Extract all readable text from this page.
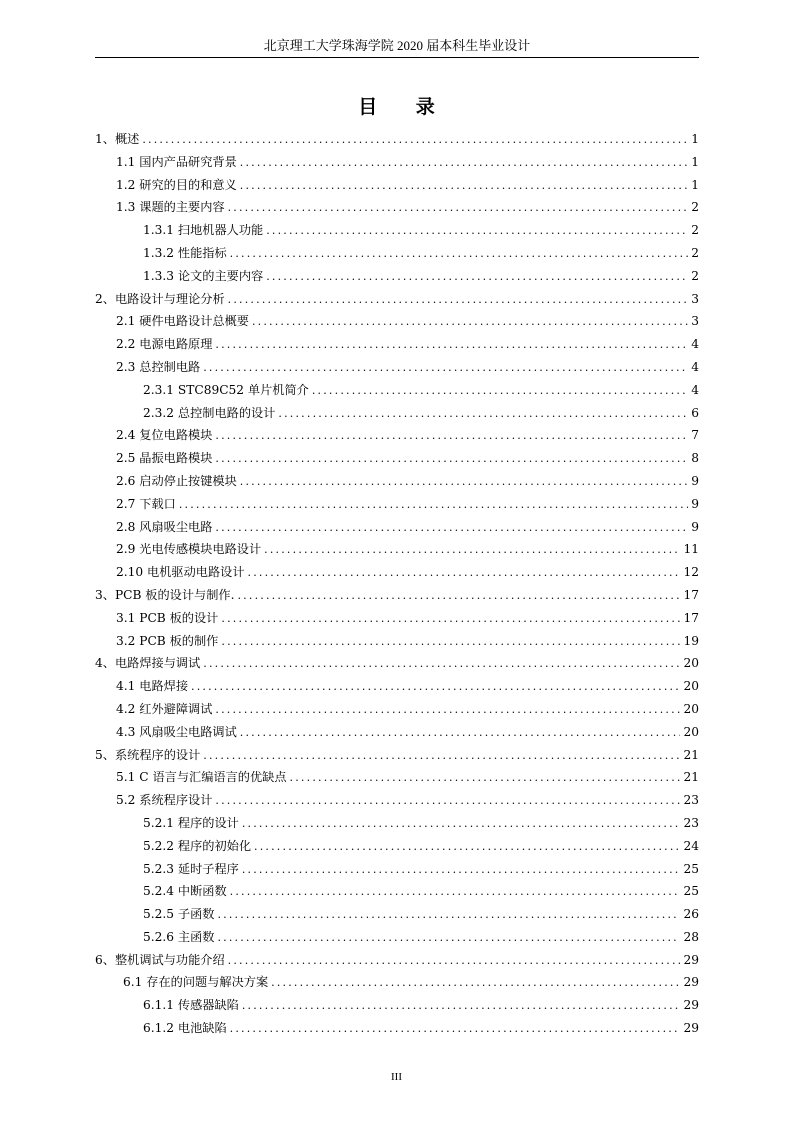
北京理工大学珠海学院 2020 届本科生毕业设计
目 录
1、概述 .....	1
1.1 国内产品研究背景 .....	1
1.2 研究的目的和意义 .....	1
1.3 课题的主要内容 .....	2
1.3.1 扫地机器人功能 .....	2
1.3.2 性能指标 .....	2
1.3.3 论文的主要内容 .....	2
2、电路设计与理论分析 .....	3
2.1 硬件电路设计总概要 .....	3
2.2 电源电路原理 .....	4
2.3 总控制电路 .....	4
2.3.1 STC89C52 单片机简介 .....	4
2.3.2 总控制电路的设计 .....	6
2.4 复位电路模块 .....	7
2.5 晶振电路模块 .....	8
2.6 启动停止按键模块 .....	9
2.7 下载口 .....	9
2.8 风扇吸尘电路 .....	9
2.9 光电传感模块电路设计 .....	11
2.10 电机驱动电路设计 .....	12
3、PCB 板的设计与制作. .....	17
3.1 PCB 板的设计 .....	17
3.2 PCB 板的制作 .....	19
4、电路焊接与调试 .....	20
4.1 电路焊接 .....	20
4.2 红外避障调试 .....	20
4.3 风扇吸尘电路调试 .....	20
5、系统程序的设计 .....	21
5.1 C 语言与汇编语言的优缺点 .....	21
5.2 系统程序设计 .....	23
5.2.1 程序的设计 .....	23
5.2.2 程序的初始化 .....	24
5.2.3 延时子程序 .....	25
5.2.4 中断函数 .....	25
5.2.5 子函数 .....	26
5.2.6 主函数 .....	28
6、整机调试与功能介绍 .....	29
6.1 存在的问题与解决方案 .....	29
6.1.1 传感器缺陷 .....	29
6.1.2 电池缺陷 .....	29
III
